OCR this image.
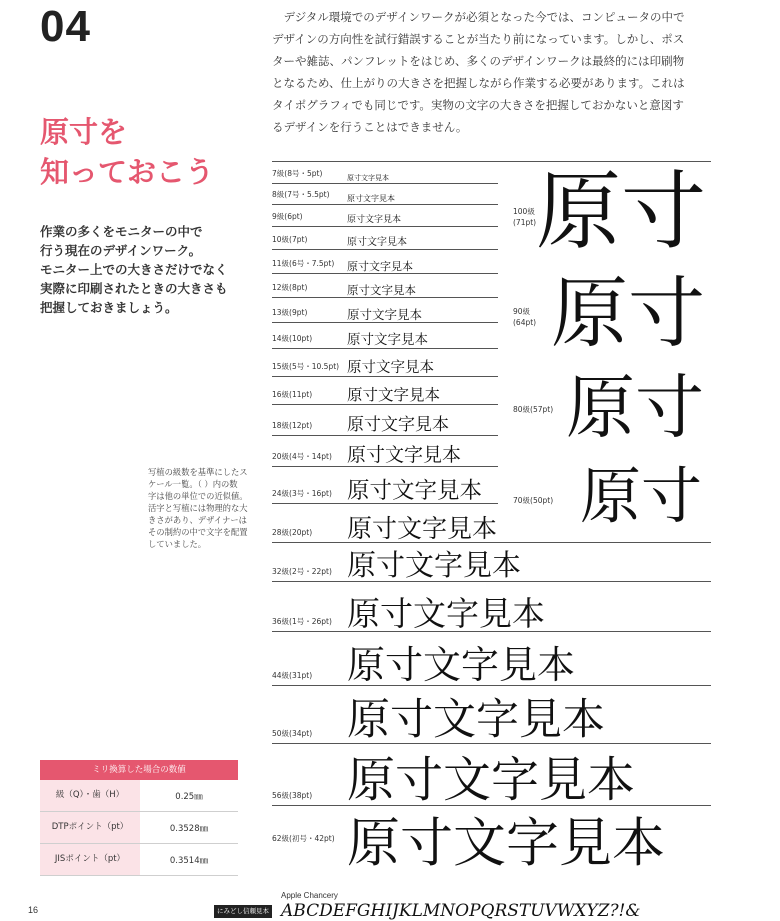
04	　デジタル環境でのデザインワークが必須となった今では、コンピュータの中で

デザインの方向性を試行錯誤することが当たり前になっています。しかし、ポス

ターや雑誌、パンフレットをはじめ、多くのデザインワークは最終的には印刷物

となるため、仕上がりの大きさを把握しながら作業する必要があります。これは

タイポグラフィでも同じです。実物の文字の大きさを把握しておかないと意図す

るデザインを行うことはできません。

原寸を
知っておこう
作業の多くをモニターの中で
行う現在のデザインワーク。
モニター上での大きさだけでなく
実際に印刷されたときの大きさも
把握しておきましょう。
写植の級数を基準にしたス
ケール一覧。（ ）内の数
字は他の単位での近似値。
活字と写植には物理的な大
きさがあり、デザイナーは
その制約の中で文字を配置
していました。
7級(8号・5pt)	原寸文字見本
8級(7号・5.5pt) 原寸文字見本
9級(6pt)	原寸文字見本
10級(7pt)	原寸文字見本
11級(6号・7.5pt) 原寸文字見本
12級(8pt)	原寸文字見本
13級(9pt)	原寸文字見本
14級(10pt)	原寸文字見本
15級(5号・10.5pt) 原寸文字見本
16級(11pt) 原寸文字見本
18級(12pt) 原寸文字見本
20級(4号・14pt) 原寸文字見本
24級(3号・16pt) 原寸文字見本
28級(20pt) 原寸文字見本
32級(2号・22pt) 原寸文字見本
36級(1号・26pt) 原寸文字見本
44級(31pt) 原寸文字見本
50級(34pt) 原寸文字見本
56級(38pt) 原寸文字見本
62級(初号・42pt) 原寸文字見本
100級
(71pt) 原寸
90級
(64pt) 原寸
80級(57pt) 原寸
70級(50pt) 原寸
ミリ換算した場合の数値
級（Q）・歯（H）	0.25㎜
DTPポイント（pt）	0.3528㎜
JISポイント（pt）	0.3514㎜
16	にみどし信頼見本
Apple Chancery
ABCDEFGHIJKLMNOPQRSTUVWXYZ?!&
